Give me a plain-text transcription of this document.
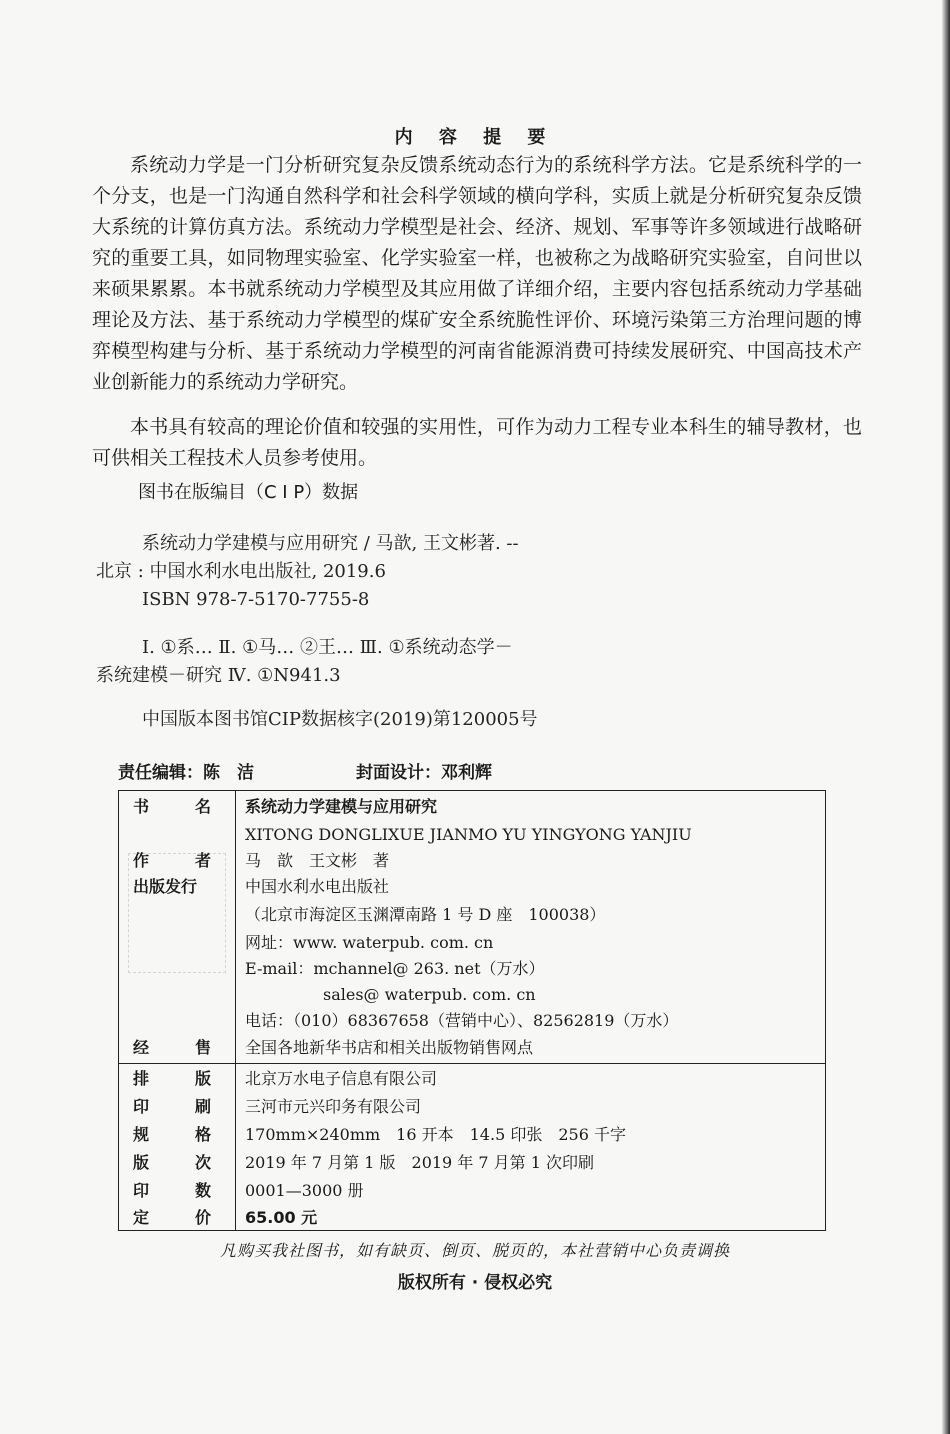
内 容 提 要

系统动力学是一门分析研究复杂反馈系统动态行为的系统科学方法。它是系统科学的一个分支，也是一门沟通自然科学和社会科学领域的横向学科，实质上就是分析研究复杂反馈大系统的计算仿真方法。系统动力学模型是社会、经济、规划、军事等许多领域进行战略研究的重要工具，如同物理实验室、化学实验室一样，也被称之为战略研究实验室，自问世以来硕果累累。本书就系统动力学模型及其应用做了详细介绍，主要内容包括系统动力学基础理论及方法、基于系统动力学模型的煤矿安全系统脆性评价、环境污染第三方治理问题的博弈模型构建与分析、基于系统动力学模型的河南省能源消费可持续发展研究、中国高技术产业创新能力的系统动力学研究。

本书具有较高的理论价值和较强的实用性，可作为动力工程专业本科生的辅导教材，也可供相关工程技术人员参考使用。

图书在版编目（C I P）数据
系统动力学建模与应用研究 / 马歆, 王文彬著. --
北京 : 中国水利水电出版社, 2019.6
ISBN 978-7-5170-7755-8
Ⅰ. ①系… Ⅱ. ①马… ②王… Ⅲ. ①系统动态学－
系统建模－研究 Ⅳ. ①N941.3
中国版本图书馆CIP数据核字(2019)第120005号
责任编辑：陈　洁	封面设计：邓利辉
书	名 系统动力学建模与应用研究
XITONG DONGLIXUE JIANMO YU YINGYONG YANJIU
作	者 马　歆　王文彬　著
出版发行	中国水利水电出版社
（北京市海淀区玉渊潭南路 1 号 D 座　100038）
网址：www. waterpub. com. cn
E-mail：mchannel@ 263. net（万水）
sales@ waterpub. com. cn
电话：（010）68367658（营销中心）、82562819（万水）
经	售 全国各地新华书店和相关出版物销售网点
排	版 北京万水电子信息有限公司
印	刷 三河市元兴印务有限公司
规	格 170mm×240mm　16 开本　14.5 印张　256 千字
版	次 2019 年 7 月第 1 版　2019 年 7 月第 1 次印刷
印	数 0001—3000 册
定	价 65.00 元
凡购买我社图书，如有缺页、倒页、脱页的，本社营销中心负责调换
版权所有 · 侵权必究
